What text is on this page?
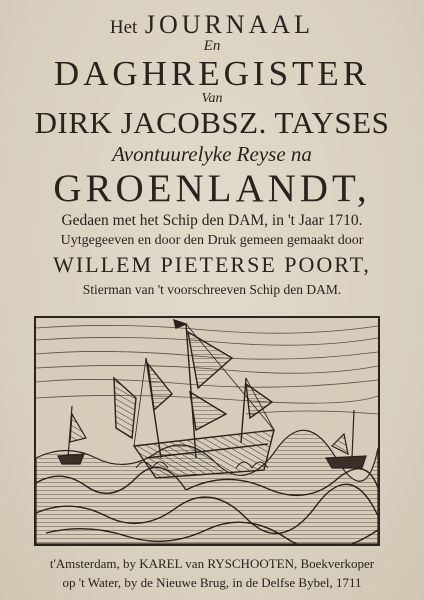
Het JOURNAAL
En
DAGHREGISTER
Van
DIRK JACOBSZ. TAYSES
Avontuurelyke Reyse na
GROENLANDT,
Gedaen met het Schip den DAM, in 't Jaar 1710.
Uytgegeeven en door den Druk gemeen gemaakt door
WILLEM PIETERSE POORT,
Stierman van 't voorschreeven Schip den DAM.
t'Amsterdam, by KAREL van RYSCHOOTEN, Boekverkoper
op 't Water, by de Nieuwe Brug, in de Delfse Bybel, 1711
